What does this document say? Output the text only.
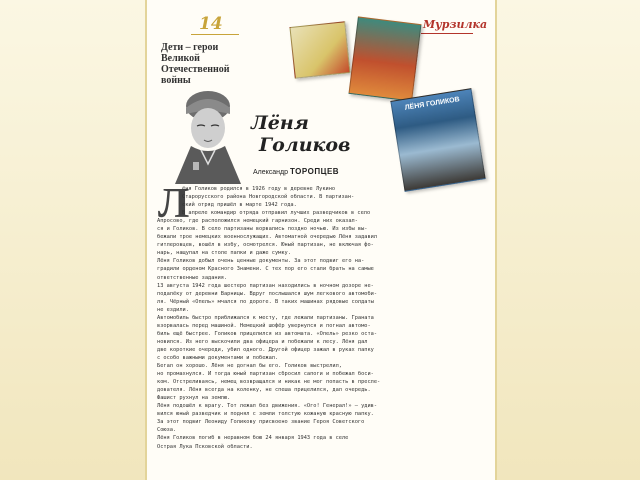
14	Мурзилка
Дети – герои
Великой
Отечественной
войны
ЛЁНЯ ГОЛИКОВ
Лёня
Голиков
Александр ТОРОПЦЕВ
Л
ёня Голиков родился в 1926 году в деревне Лукино
Старорусского района Новгородской области. В партизан-
ский отряд пришёл в марте 1942 года.
В апреле командир отряда отправил лучших разведчиков в село
Апросово, где расположился немецкий гарнизон. Среди них оказал-
ся и Голиков. В село партизаны ворвались поздно ночью. Из избы вы-
бежали трое немецких военнослужащих. Автоматной очередью Лёня задавил
гитлеровцев, вошёл в избу, осмотрелся. Юный партизан, не включая фо-
нарь, нащупал на столе папки и даже сумку.
Лёня Голиков добыл очень ценные документы. За этот подвиг его на-
градили орденом Красного Знамени. С тех пор его стали брать на самые
ответственные задания.
13 августа 1942 года шестеро партизан находились в ночном дозоре не-
подалёку от деревни Варницы. Вдруг послышался шум легкового автомоби-
ля. Чёрный «Опель» мчался по дороге. В таких машинах рядовые солдаты
не ездили.
Автомобиль быстро приближался к месту, где лежали партизаны. Граната
взорвалась перед машиной. Немецкий шофёр увернулся и погнал автомо-
биль ещё быстрее. Голиков прицелился из автомата. «Опель» резко оста-
новился. Из него выскочили два офицера и побежали к лесу. Лёня дал
две короткие очереди, убил одного. Другой офицер зажал в руках папку
с особо важными документами и побежал.
Бегал он хорошо. Лёня не догнал бы его. Голиков выстрелил,
но промахнулся. И тогда юный партизан сбросил сапоги и побежал боси-
ком. Отстреливаясь, немец возвращался и никак не мог попасть в преслe-
дователя. Лёня всегда на коленку, не спеша прицелился, дал очередь.
Фашист рухнул на землю.
Лёня подошёл к врагу. Тот лежал без движения. «Ого! Генерал!» – удив-
вился юный разведчик и поднял с земли толстую кожаную красную папку.
За этот подвиг Леониду Голикову присвоено звание Героя Советского
Союза.
Лёня Голиков погиб в неравном бою 24 января 1943 года в селе
Острая Лука Псковской области.
